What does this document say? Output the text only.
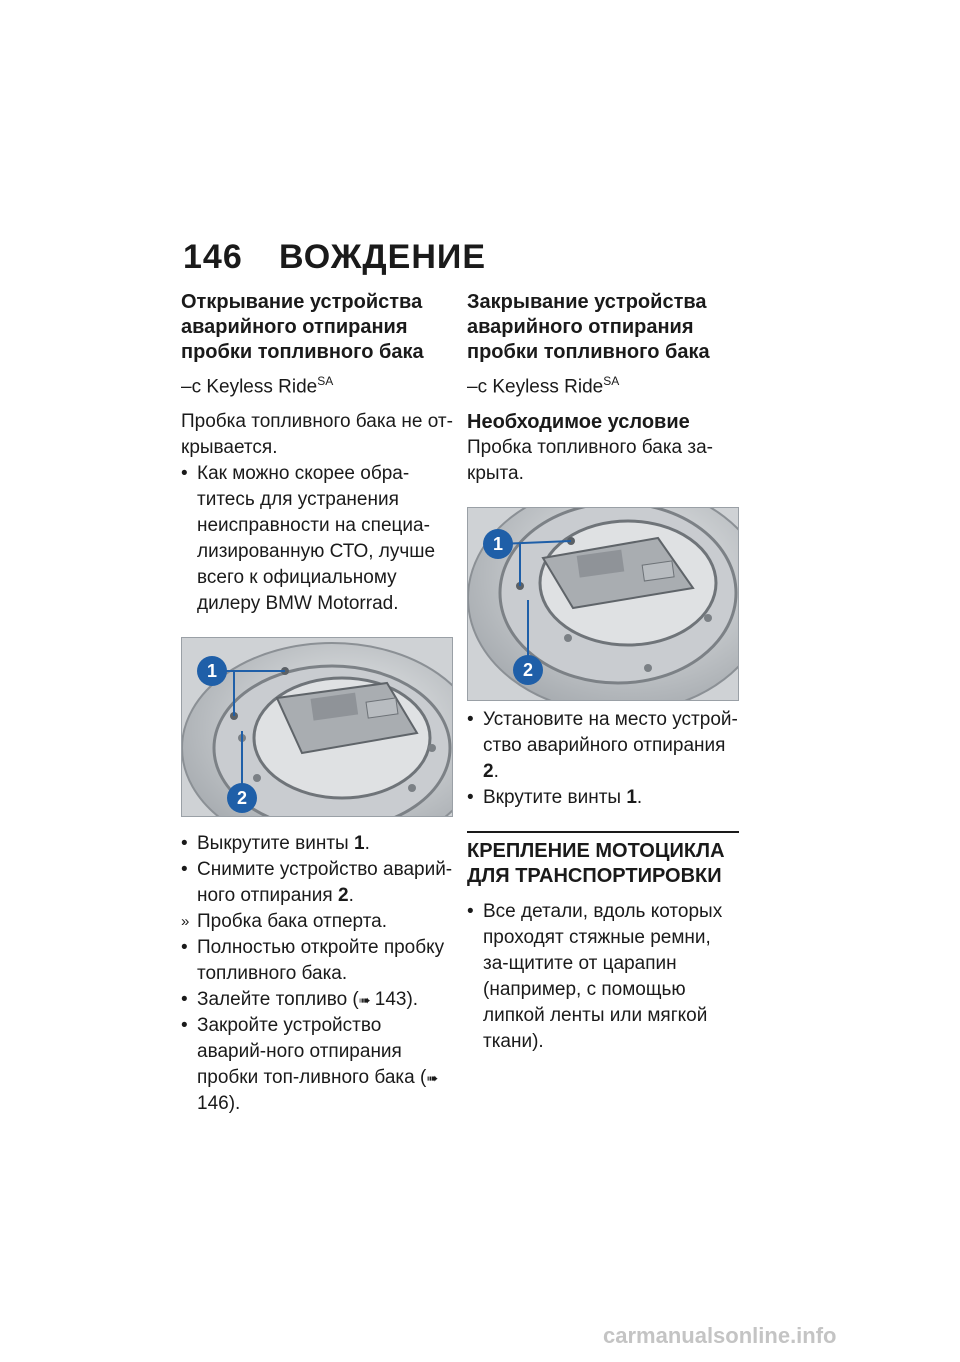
146 ВОЖДЕНИЕ
Открывание устройства аварийного отпирания пробки топливного бака
–с Keyless Ride$^{SA}$

Пробка топливного бака не от-крывается.

• Как можно скорее обра-титесь для устранения неисправности на специа-лизированную СТО, лучше всего к официальному дилеру BMW Motorrad.
1
2
• Выкрутите винты 1.
• Снимите устройство аварий-ного отпирания 2.
» Пробка бака отперта.
• Полностью откройте пробку топливного бака.
• Залейте топливо (➠ 143).
• Закройте устройство аварий-ного отпирания пробки топ-ливного бака (➠ 146).
Закрывание устройства аварийного отпирания пробки топливного бака
–с Keyless Ride$^{SA}$
Необходимое условие

Пробка топливного бака за-крыта.

1
2
• Установите на место устрой-ство аварийного отпирания 2.
• Вкрутите винты 1.
КРЕПЛЕНИЕ МОТОЦИКЛА ДЛЯ ТРАНСПОРТИРОВКИ
• Все детали, вдоль которых проходят стяжные ремни, за-щитите от царапин (например, с помощью липкой ленты или мягкой ткани).
carmanualsonline.info
